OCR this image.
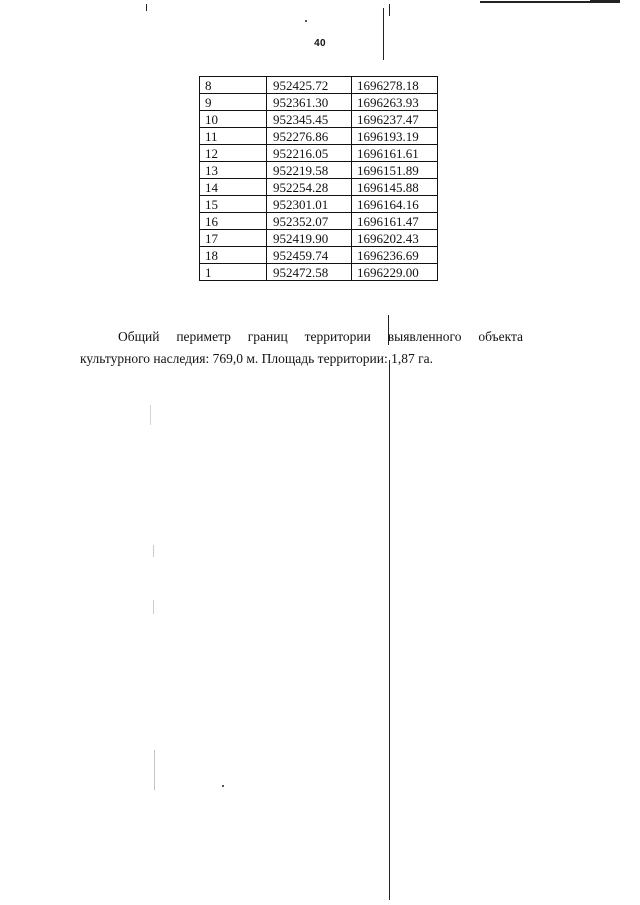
40
8	952425.72	1696278.18
9	952361.30	1696263.93
10	952345.45	1696237.47
11	952276.86	1696193.19
12	952216.05	1696161.61
13	952219.58	1696151.89
14	952254.28	1696145.88
15	952301.01	1696164.16
16	952352.07	1696161.47
17	952419.90	1696202.43
18	952459.74	1696236.69
1	952472.58	1696229.00
Общий     периметр     границ     территории     выявленного     объекта
культурного наследия: 769,0 м. Площадь территории: 1,87 га.
